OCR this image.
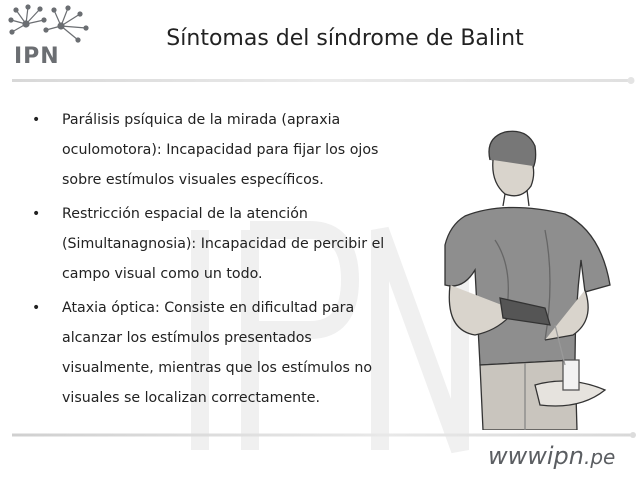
IPN
Síntomas del síndrome de Balint
• Parálisis psíquica de la mirada (apraxia oculomotora): Incapacidad para fijar los ojos sobre estímulos visuales específicos.
• Restricción espacial de la atención (Simultanagnosia): Incapacidad de percibir el campo visual como un todo.
• Ataxia óptica: Consiste en dificultad para alcanzar los estímulos presentados visualmente, mientras que los estímulos no visuales se localizan correctamente.
wwwipn.pe
